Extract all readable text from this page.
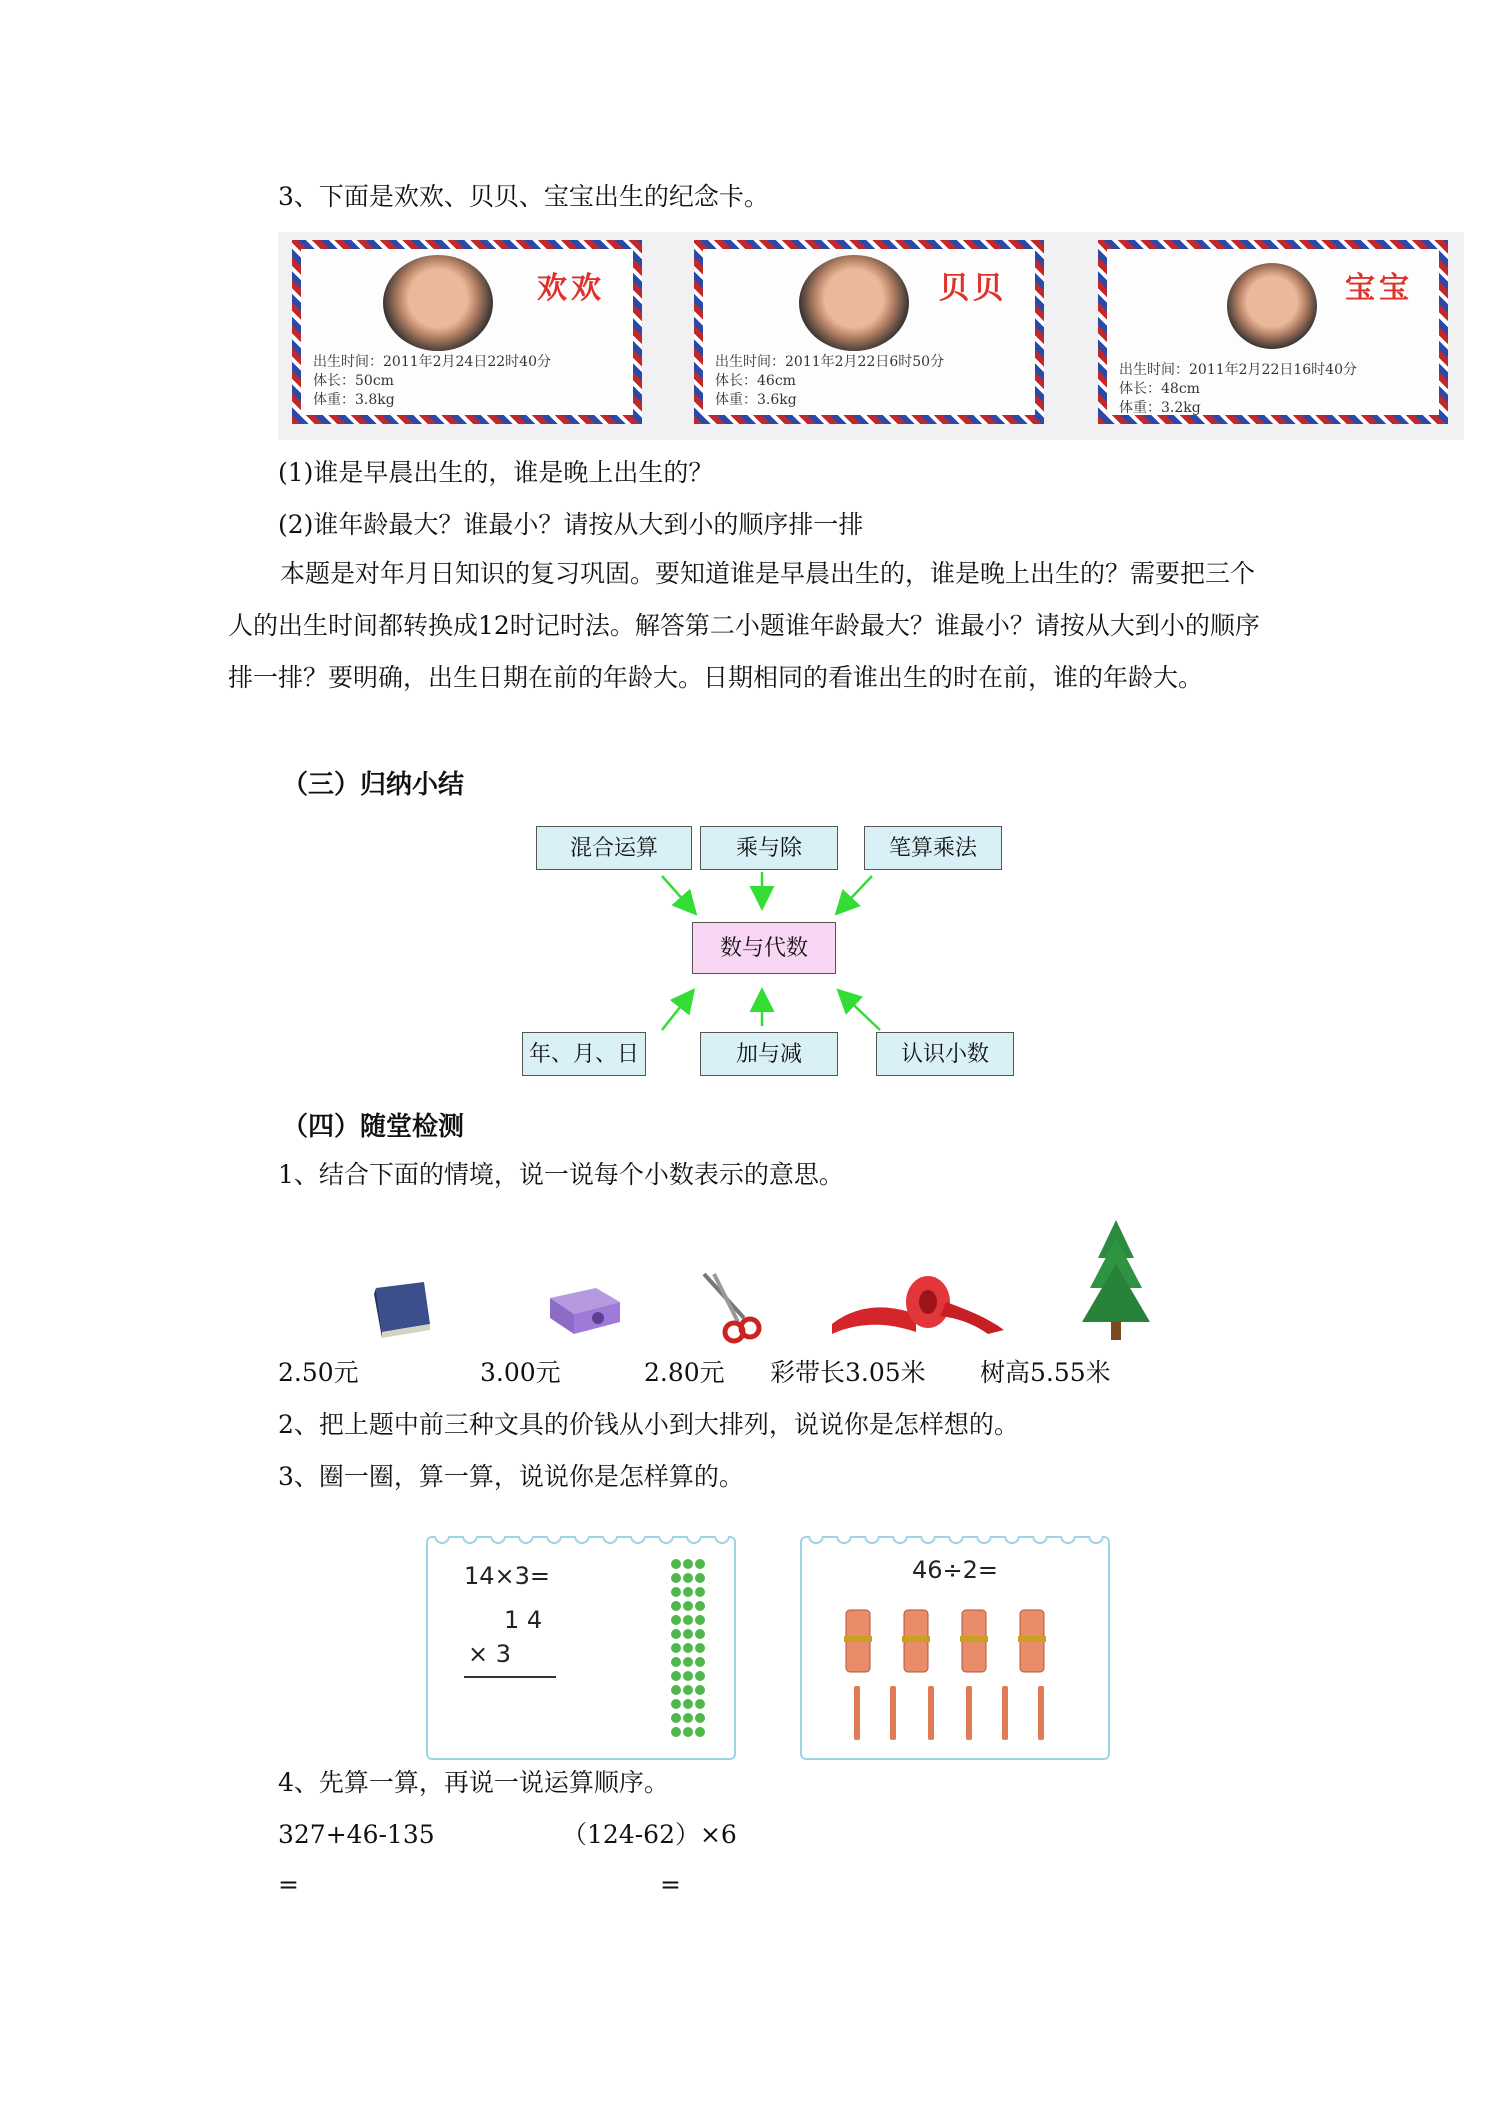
3、下面是欢欢、贝贝、宝宝出生的纪念卡。
欢欢
出生时间：2011年2月24日22时40分
体长：50cm
体重：3.8kg
贝贝
出生时间：2011年2月22日6时50分
体长：46cm
体重：3.6kg
宝宝
出生时间：2011年2月22日16时40分
体长：48cm
体重：3.2kg
(1)谁是早晨出生的，谁是晚上出生的？
(2)谁年龄最大？谁最小？请按从大到小的顺序排一排
本题是对年月日知识的复习巩固。要知道谁是早晨出生的，谁是晚上出生的？需要把三个人的出生时间都转换成12时记时法。解答第二小题谁年龄最大？谁最小？请按从大到小的顺序排一排？要明确，出生日期在前的年龄大。日期相同的看谁出生的时在前，谁的年龄大。
（三）归纳小结
混合运算	乘与除	笔算乘法
数与代数
年、月、日	加与减	认识小数
（四）随堂检测
1、结合下面的情境，说一说每个小数表示的意思。
2.50元	3.00元	2.80元 彩带长3.05米 树高5.55米
2、把上题中前三种文具的价钱从小到大排列，说说你是怎样想的。
3、圈一圈，算一算，说说你是怎样算的。
14×3=
1 4
× 3
46÷2=
4、先算一算，再说一说运算顺序。
327+46-135	（124-62）×6
=	=
